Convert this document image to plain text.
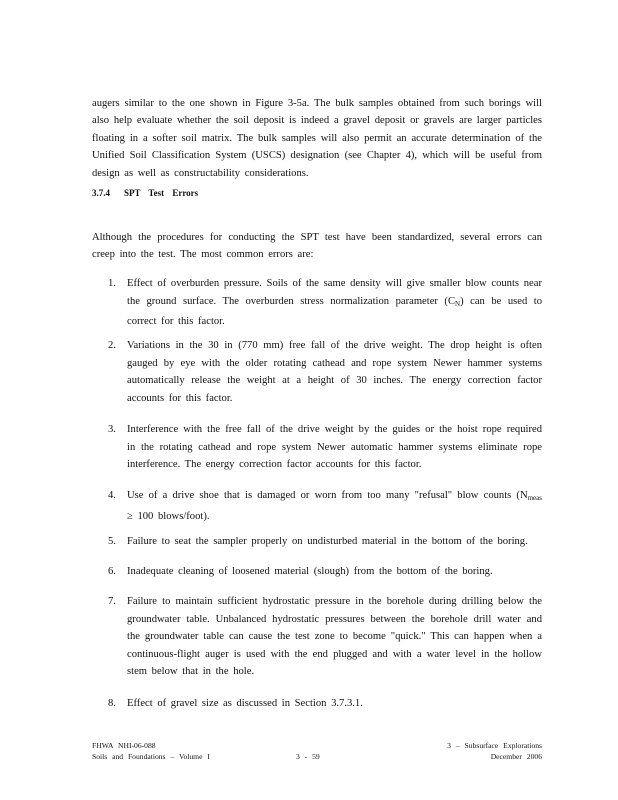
augers similar to the one shown in Figure 3-5a. The bulk samples obtained from such borings will also help evaluate whether the soil deposit is indeed a gravel deposit or gravels are larger particles floating in a softer soil matrix. The bulk samples will also permit an accurate determination of the Unified Soil Classification System (USCS) designation (see Chapter 4), which will be useful from design as well as constructability considerations.

3.7.4 SPT Test Errors

Although the procedures for conducting the SPT test have been standardized, several errors can creep into the test. The most common errors are:

1. Effect of overburden pressure. Soils of the same density will give smaller blow counts near the ground surface. The overburden stress normalization parameter $(C_N)$ can be used to correct for this factor.
2. Variations in the 30 in (770 mm) free fall of the drive weight. The drop height is often gauged by eye with the older rotating cathead and rope system Newer hammer systems automatically release the weight at a height of 30 inches. The energy correction factor accounts for this factor.
3. Interference with the free fall of the drive weight by the guides or the hoist rope required in the rotating cathead and rope system Newer automatic hammer systems eliminate rope interference. The energy correction factor accounts for this factor.
4. Use of a drive shoe that is damaged or worn from too many "refusal" blow counts ($N_{meas} \ge 100$ blows/foot).
5. Failure to seat the sampler properly on undisturbed material in the bottom of the boring.
6. Inadequate cleaning of loosened material (slough) from the bottom of the boring.
7. Failure to maintain sufficient hydrostatic pressure in the borehole during drilling below the groundwater table. Unbalanced hydrostatic pressures between the borehole drill water and the groundwater table can cause the test zone to become "quick." This can happen when a continuous-flight auger is used with the end plugged and with a water level in the hollow stem below that in the hole.
8. Effect of gravel size as discussed in Section 3.7.3.1.
FHWA NHI-06-088
Soils and Foundations – Volume I	3 - 59
3 – Subsurface Explorations
December 2006
